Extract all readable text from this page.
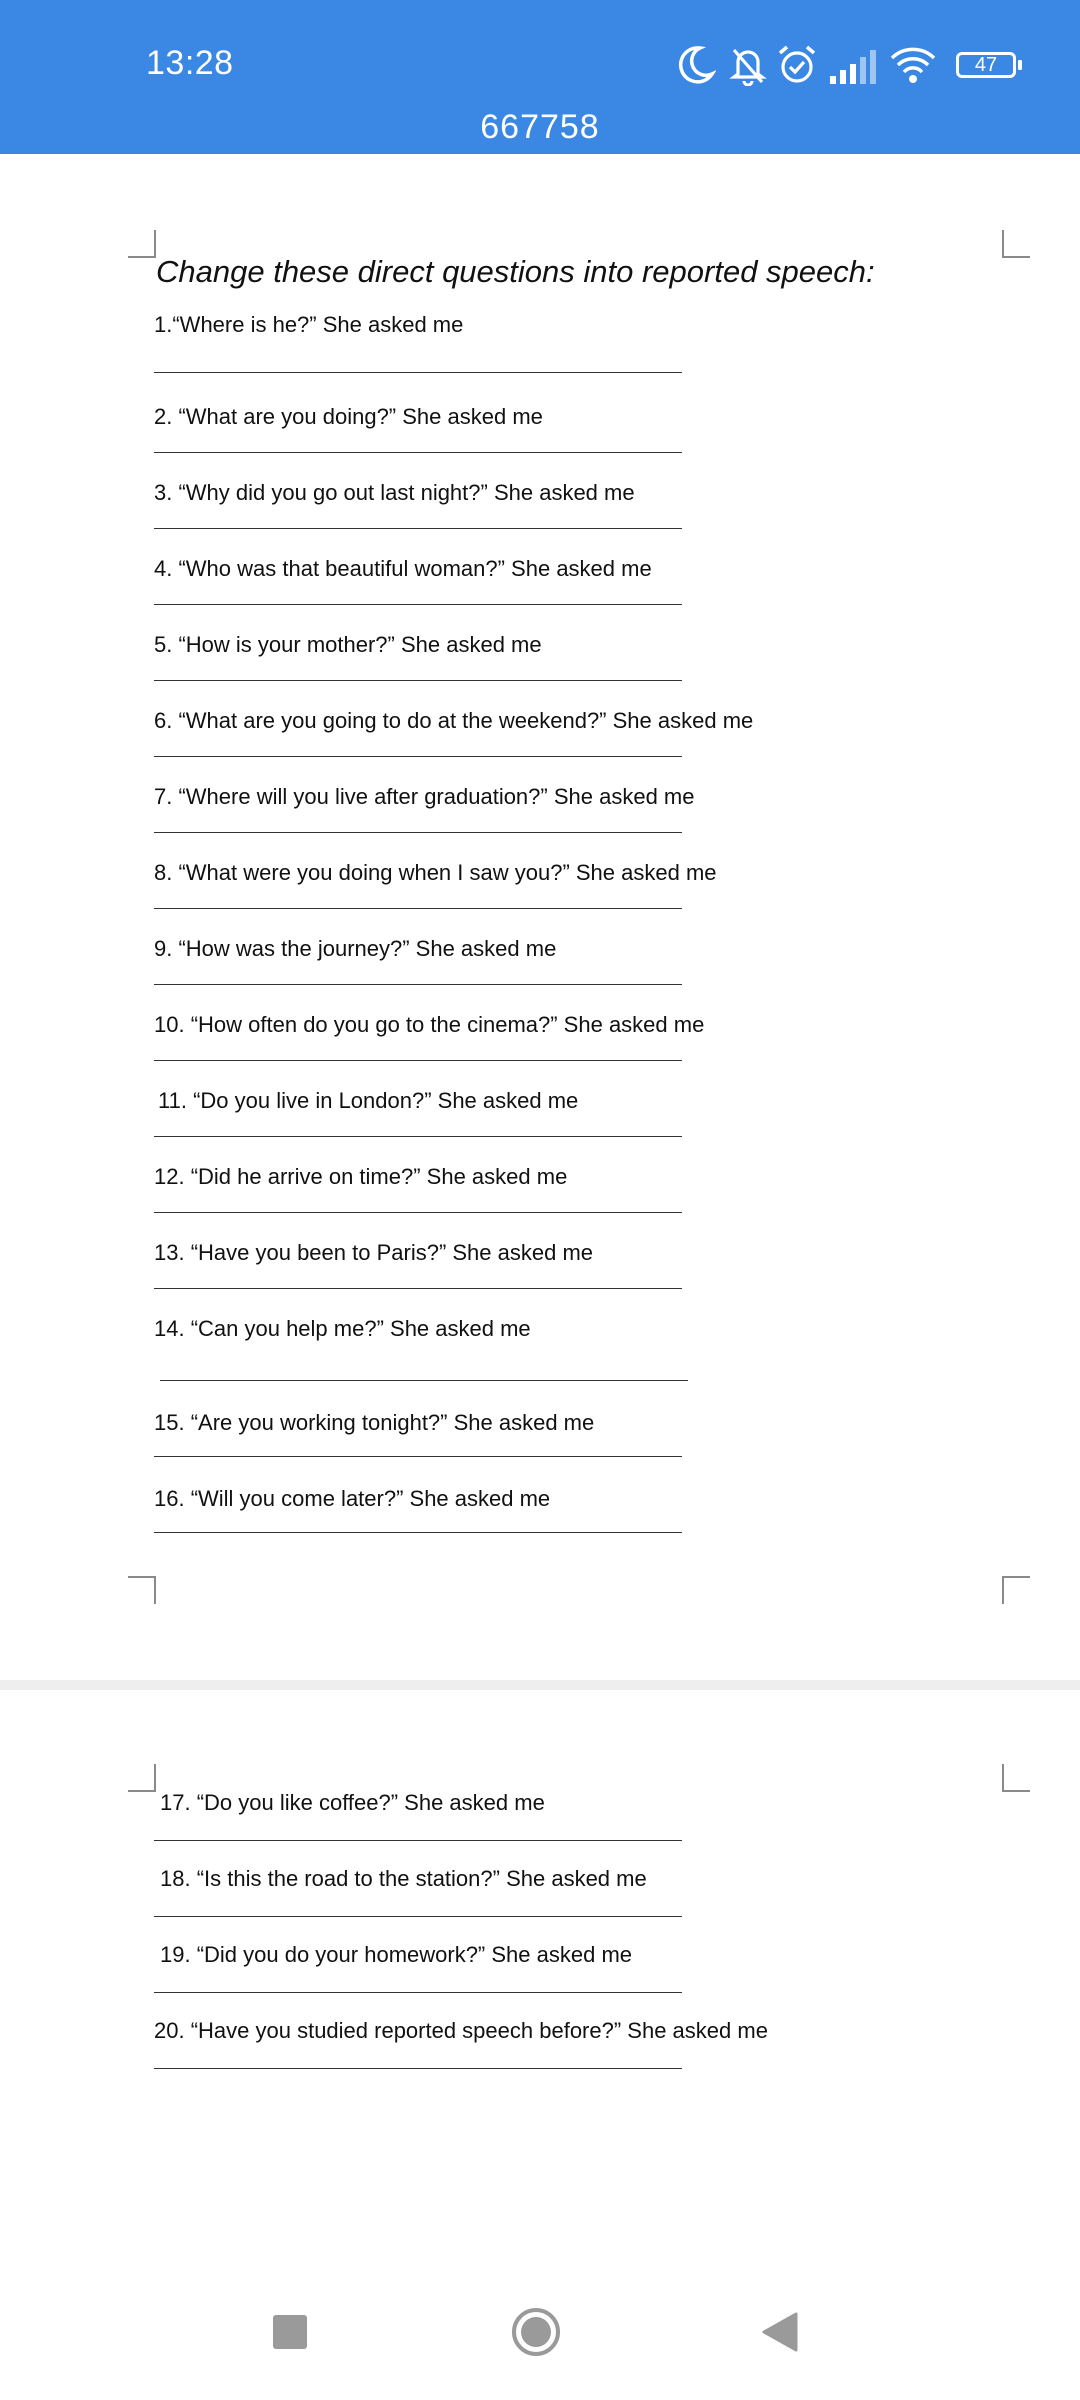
13:28	47
667758
Change these direct questions into reported speech:
1.“Where is he?” She asked me
2. “What are you doing?” She asked me
3. “Why did you go out last night?” She asked me
4. “Who was that beautiful woman?” She asked me
5. “How is your mother?” She asked me
6. “What are you going to do at the weekend?” She asked me
7. “Where will you live after graduation?” She asked me
8. “What were you doing when I saw you?” She asked me
9. “How was the journey?” She asked me
10. “How often do you go to the cinema?” She asked me
11. “Do you live in London?” She asked me
12. “Did he arrive on time?” She asked me
13. “Have you been to Paris?” She asked me
14. “Can you help me?” She asked me
15. “Are you working tonight?” She asked me
16. “Will you come later?” She asked me
17. “Do you like coffee?” She asked me
18. “Is this the road to the station?” She asked me
19. “Did you do your homework?” She asked me
20. “Have you studied reported speech before?” She asked me
